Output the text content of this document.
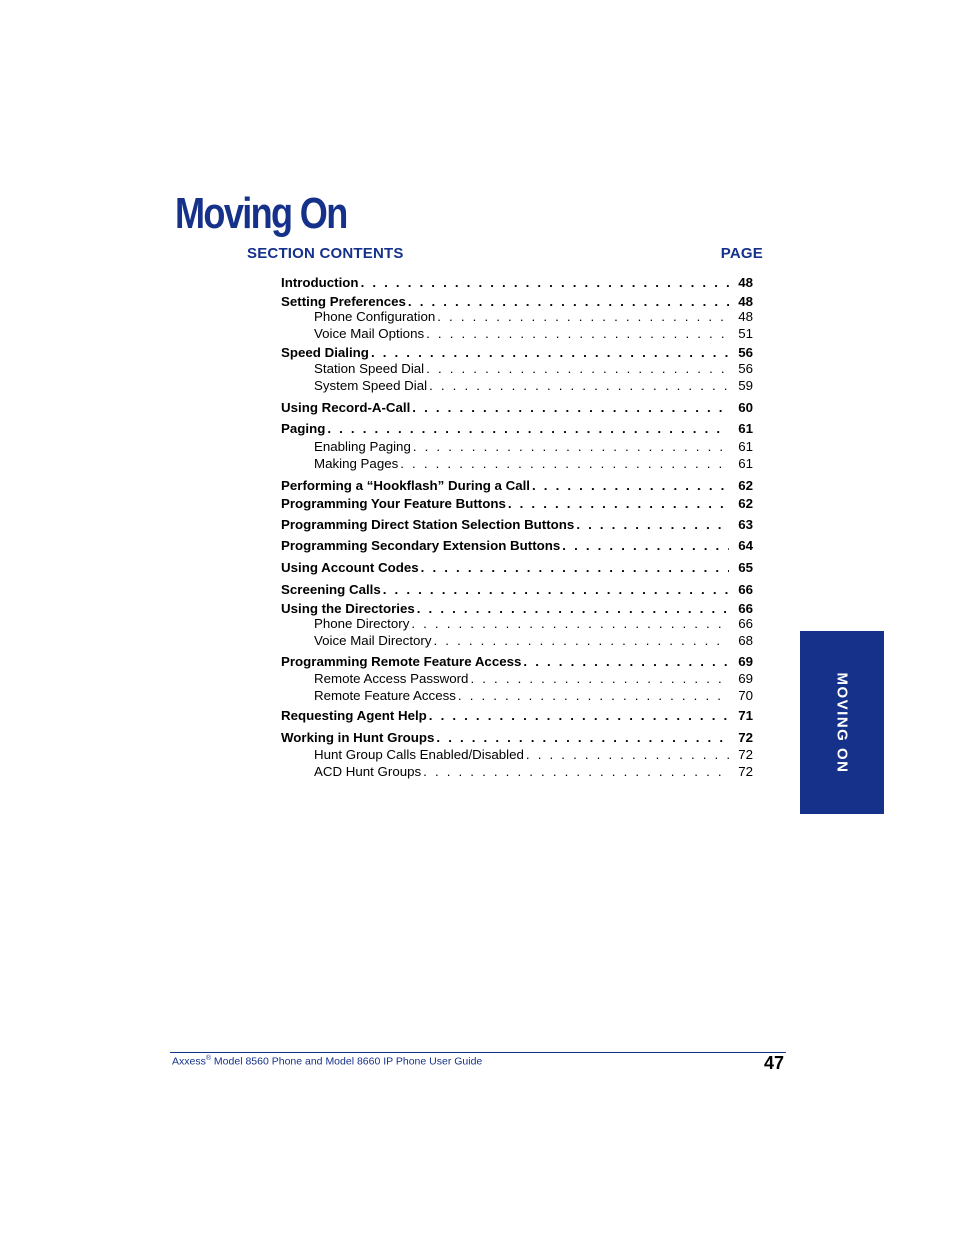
Moving On
SECTION CONTENTS	PAGE
Introduction . . .	48
Setting Preferences . . .	48
Phone Configuration . . .	48
Voice Mail Options . . .	51
Speed Dialing . . .	56
Station Speed Dial . . .	56
System Speed Dial . . .	59
Using Record-A-Call . . .	60
Paging . . .	61
Enabling Paging . . .	61
Making Pages . . .	61
Performing a “Hookflash” During a Call . . .	62
Programming Your Feature Buttons . . .	62
Programming Direct Station Selection Buttons . . .	63
Programming Secondary Extension Buttons . . .	64
Using Account Codes . . .	65
Screening Calls . . .	66
Using the Directories . . .	66
Phone Directory . . .	66
Voice Mail Directory . . .	68
Programming Remote Feature Access . . .	69
Remote Access Password . . .	69
Remote Feature Access . . .	70
Requesting Agent Help . . .	71
Working in Hunt Groups . . .	72
Hunt Group Calls Enabled/Disabled . . .	72
ACD Hunt Groups . . .	72	MOVING ON
Axxess® Model 8560 Phone and Model 8660 IP Phone User Guide	47
